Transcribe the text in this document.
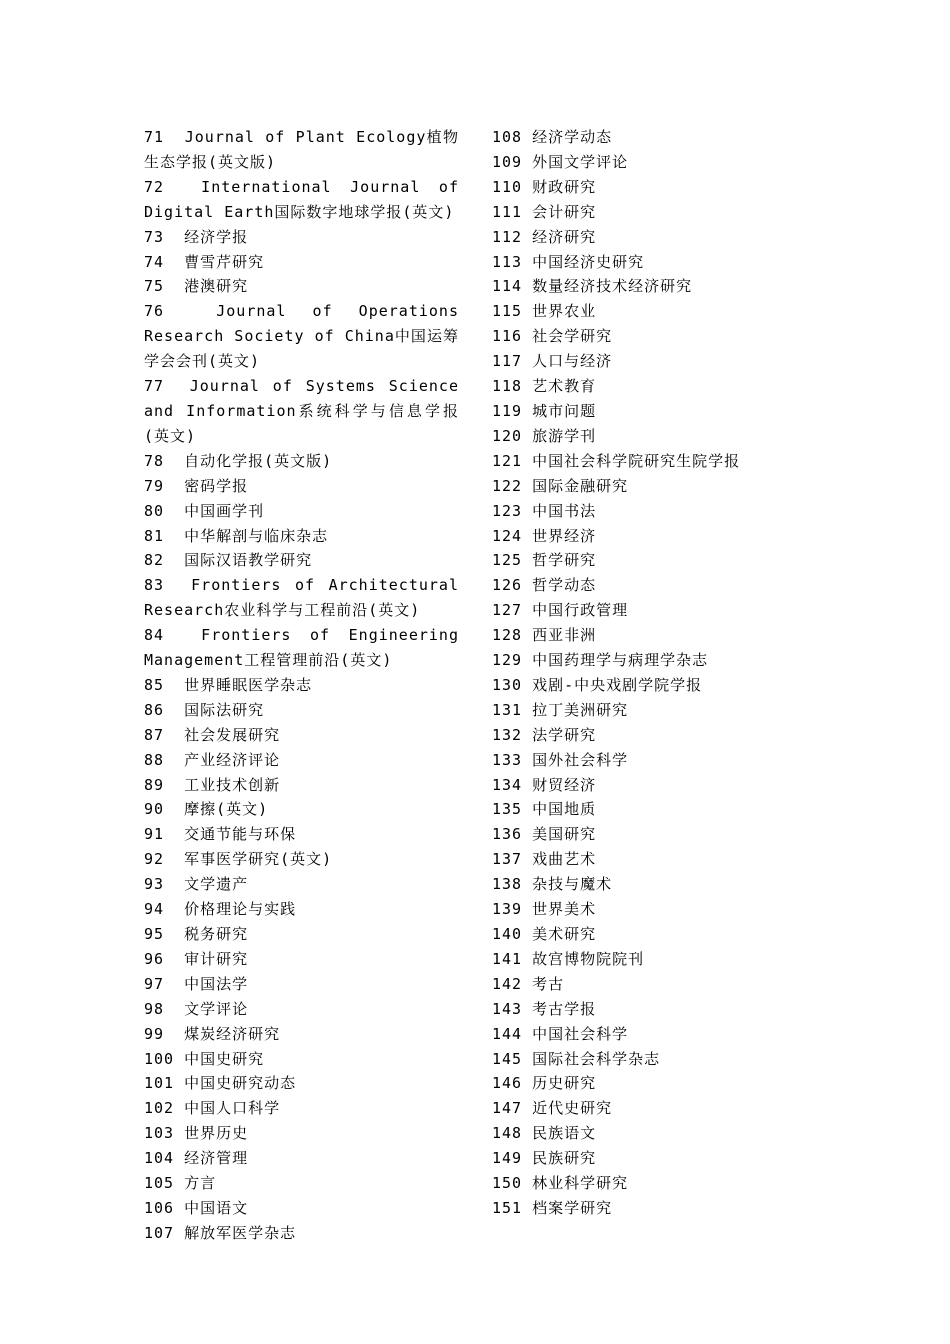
71  Journal of Plant Ecology植物生态学报(英文版)

72  International Journal of Digital Earth国际数字地球学报(英文)

73  经济学报

74  曹雪芹研究

75  港澳研究

76  Journal of Operations Research Society of China中国运筹学会会刊(英文)

77  Journal of Systems Science and Information系统科学与信息学报(英文)

78  自动化学报(英文版)

79  密码学报

80  中国画学刊

81  中华解剖与临床杂志

82  国际汉语教学研究

83  Frontiers of Architectural Research农业科学与工程前沿(英文)

84  Frontiers of Engineering Management工程管理前沿(英文)

85  世界睡眠医学杂志

86  国际法研究

87  社会发展研究

88  产业经济评论

89  工业技术创新

90  摩擦(英文)

91  交通节能与环保

92  军事医学研究(英文)

93  文学遗产

94  价格理论与实践

95  税务研究

96  审计研究

97  中国法学

98  文学评论

99  煤炭经济研究

100 中国史研究

101 中国史研究动态

102 中国人口科学

103 世界历史

104 经济管理

105 方言

106 中国语文

107 解放军医学杂志

108 经济学动态

109 外国文学评论

110 财政研究

111 会计研究

112 经济研究

113 中国经济史研究

114 数量经济技术经济研究

115 世界农业

116 社会学研究

117 人口与经济

118 艺术教育

119 城市问题

120 旅游学刊

121 中国社会科学院研究生院学报

122 国际金融研究

123 中国书法

124 世界经济

125 哲学研究

126 哲学动态

127 中国行政管理

128 西亚非洲

129 中国药理学与病理学杂志

130 戏剧-中央戏剧学院学报

131 拉丁美洲研究

132 法学研究

133 国外社会科学

134 财贸经济

135 中国地质

136 美国研究

137 戏曲艺术

138 杂技与魔术

139 世界美术

140 美术研究

141 故宫博物院院刊

142 考古

143 考古学报

144 中国社会科学

145 国际社会科学杂志

146 历史研究

147 近代史研究

148 民族语文

149 民族研究

150 林业科学研究

151 档案学研究
